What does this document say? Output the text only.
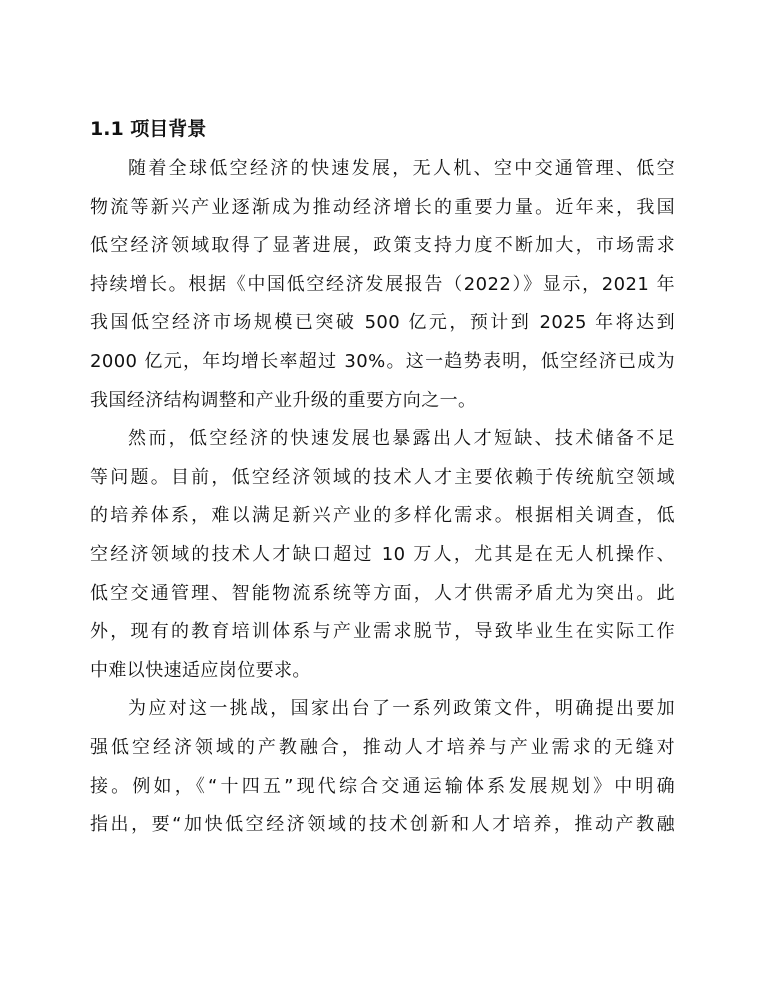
1.1 项目背景
随着全球低空经济的快速发展，无人机、空中交通管理、低空
物流等新兴产业逐渐成为推动经济增长的重要力量。近年来，我国
低空经济领域取得了显著进展，政策支持力度不断加大，市场需求
持续增长。根据《中国低空经济发展报告（2022）》显示，2021 年
我国低空经济市场规模已突破 500 亿元，预计到 2025 年将达到
2000 亿元，年均增长率超过 30%。这一趋势表明，低空经济已成为
我国经济结构调整和产业升级的重要方向之一。
然而，低空经济的快速发展也暴露出人才短缺、技术储备不足
等问题。目前，低空经济领域的技术人才主要依赖于传统航空领域
的培养体系，难以满足新兴产业的多样化需求。根据相关调查，低
空经济领域的技术人才缺口超过 10 万人，尤其是在无人机操作、
低空交通管理、智能物流系统等方面，人才供需矛盾尤为突出。此
外，现有的教育培训体系与产业需求脱节，导致毕业生在实际工作
中难以快速适应岗位要求。
为应对这一挑战，国家出台了一系列政策文件，明确提出要加
强低空经济领域的产教融合，推动人才培养与产业需求的无缝对
接。例如，《“十四五”现代综合交通运输体系发展规划》中明确
指出，要“加快低空经济领域的技术创新和人才培养，推动产教融
